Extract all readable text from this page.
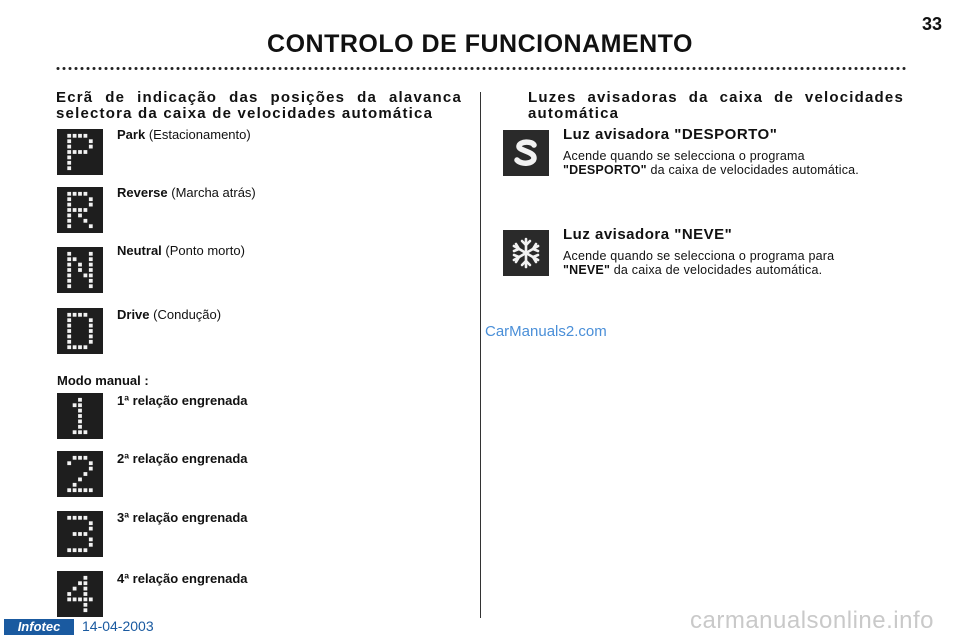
CONTROLO DE FUNCIONAMENTO
33
Ecrã de indicação das posições da alavanca selectora da caixa de velocidades automática
Luzes avisadoras da caixa de velocidades automática
Park (Estacionamento)
Reverse (Marcha atrás)
Neutral (Ponto morto)
Drive (Condução)
Modo manual :
1ª relação engrenada
2ª relação engrenada
3ª relação engrenada
4ª relação engrenada
Luz avisadora "DESPORTO"
Acende quando se selecciona o programa
"DESPORTO" da caixa de velocidades automática.
Luz avisadora "NEVE"
Acende quando se selecciona o programa para
"NEVE" da caixa de velocidades automática.
CarManuals2.com
Infotec	14-04-2003	carmanualsonline.info
